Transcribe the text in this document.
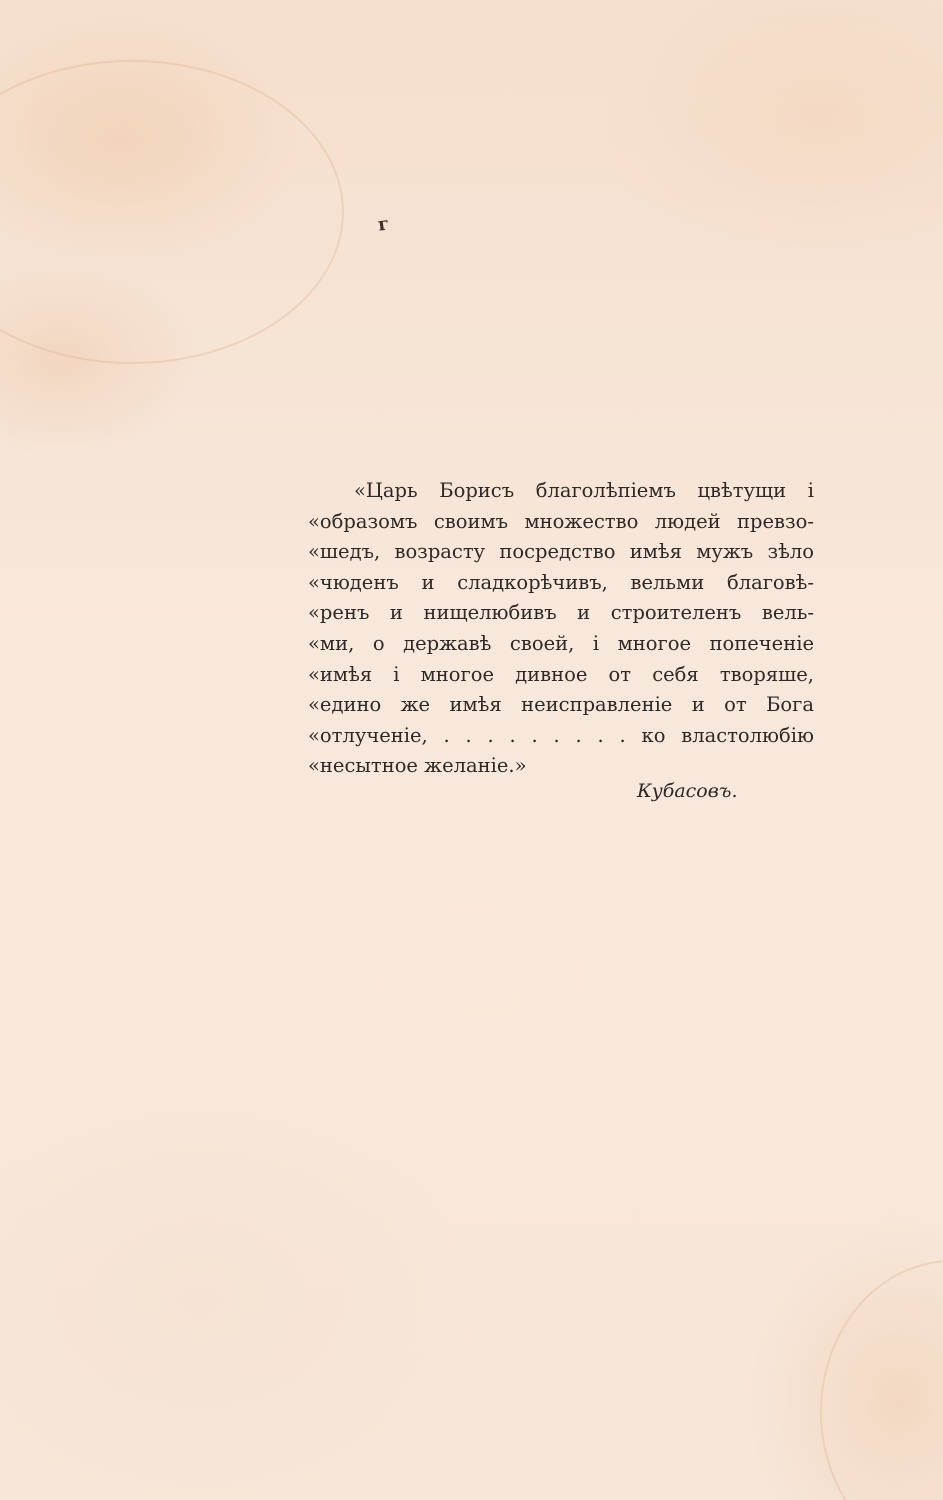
г
«Царь Борисъ благолѣпіемъ цвѣтущи і
«образомъ своимъ множество людей превзо-
«шедъ, возрасту посредство имѣя мужъ зѣло
«чюденъ и сладкорѣчивъ, вельми благовѣ-
«ренъ и нищелюбивъ и строителенъ вель-
«ми, о державѣ своей, і многое попеченіе
«имѣя і многое дивное от себя творяше,
«едино же имѣя неисправленіе и от Бога
«отлученіе, . . . . . . . . . ко властолюбію
«несытное желаніе.»
Кубасовъ.
